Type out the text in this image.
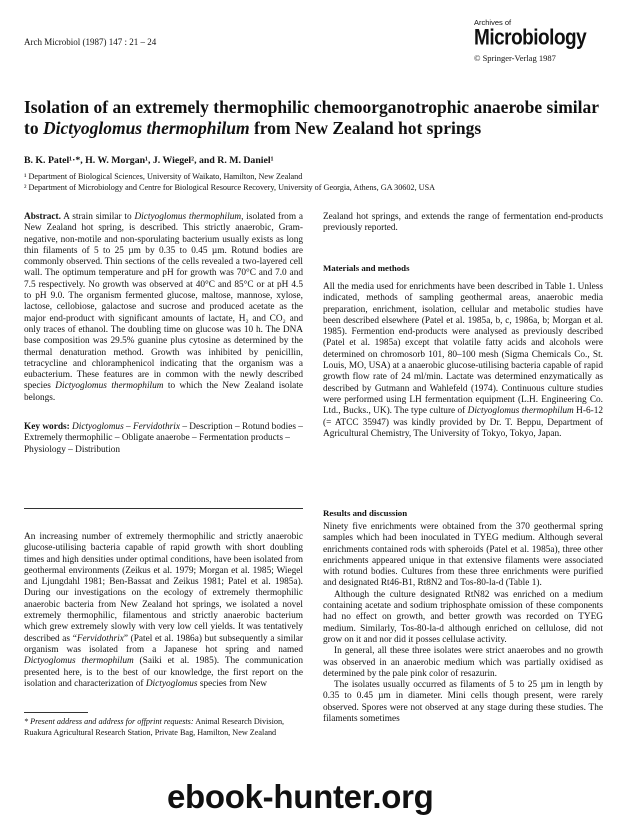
Arch Microbiol (1987) 147 : 21 – 24
Archives of
Microbiology
© Springer-Verlag 1987
Isolation of an extremely thermophilic chemoorganotrophic anaerobe similar to Dictyoglomus thermophilum from New Zealand hot springs
B. K. Patel¹·*, H. W. Morgan¹, J. Wiegel², and R. M. Daniel¹
¹ Department of Biological Sciences, University of Waikato, Hamilton, New Zealand
² Department of Microbiology and Centre for Biological Resource Recovery, University of Georgia, Athens, GA 30602, USA

Abstract. A strain similar to Dictyoglomus thermophilum, isolated from a New Zealand hot spring, is described. This strictly anaerobic, Gram-negative, non-motile and non-sporulating bacterium usually exists as long thin filaments of 5 to 25 µm by 0.35 to 0.45 µm. Rotund bodies are commonly observed. Thin sections of the cells revealed a two-layered cell wall. The optimum temperature and pH for growth was 70°C and 7.0 and 7.5 respectively. No growth was observed at 40°C and 85°C or at pH 4.5 to pH 9.0. The organism fermented glucose, maltose, mannose, xylose, lactose, cellobiose, galactose and sucrose and produced acetate as the major end-product with significant amounts of lactate, H₂ and CO₂ and only traces of ethanol. The doubling time on glucose was 10 h. The DNA base composition was 29.5% guanine plus cytosine as determined by the thermal denaturation method. Growth was inhibited by penicillin, tetracycline and chloramphenicol indicating that the organism was a eubacterium. These features are in common with the newly described species Dictyoglomus thermophilum to which the New Zealand isolate belongs.

Key words: Dictyoglomus – Fervidothrix – Description – Rotund bodies – Extremely thermophilic – Obligate anaerobe – Fermentation products – Physiology – Distribution

An increasing number of extremely thermophilic and strictly anaerobic glucose-utilising bacteria capable of rapid growth with short doubling times and high densities under optimal conditions, have been isolated from geothermal environments (Zeikus et al. 1979; Morgan et al. 1985; Wiegel and Ljungdahl 1981; Ben-Bassat and Zeikus 1981; Patel et al. 1985a). During our investigations on the ecology of extremely thermophilic anaerobic bacteria from New Zealand hot springs, we isolated a novel extremely thermophilic, filamentous and strictly anaerobic bacterium which grew extremely slowly with very low cell yields. It was tentatively described as “Fervidothrix” (Patel et al. 1986a) but subsequently a similar organism was isolated from a Japanese hot spring and named Dictyoglomus thermophilum (Saiki et al. 1985). The communication presented here, is to the best of our knowledge, the first report on the isolation and characterization of Dictyoglomus species from New

* Present address and address for offprint requests: Animal Research Division, Ruakura Agricultural Research Station, Private Bag, Hamilton, New Zealand

Zealand hot springs, and extends the range of fermentation end-products previously reported.

Materials and methods

All the media used for enrichments have been described in Table 1. Unless indicated, methods of sampling geothermal areas, anaerobic media preparation, enrichment, isolation, cellular and metabolic studies have been described elsewhere (Patel et al. 1985a, b, c, 1986a, b; Morgan et al. 1985). Fermention end-products were analysed as previously described (Patel et al. 1985a) except that volatile fatty acids and alcohols were determined on chromosorb 101, 80–100 mesh (Sigma Chemicals Co., St. Louis, MO, USA) at a anaerobic glucose-utilising bacteria capable of rapid growth flow rate of 24 ml/min. Lactate was determined enzymatically as described by Gutmann and Wahlefeld (1974). Continuous culture studies were performed using LH fermentation equipment (L.H. Engineering Co. Ltd., Bucks., UK). The type culture of Dictyoglomus thermophilum H-6-12 (= ATCC 35947) was kindly provided by Dr. T. Beppu, Department of Agricultural Chemistry, The University of Tokyo, Tokyo, Japan.

Results and discussion

Ninety five enrichments were obtained from the 370 geothermal spring samples which had been inoculated in TYEG medium. Although several enrichments contained rods with spheroids (Patel et al. 1985a), three other enrichments appeared unique in that extensive filaments were associated with rotund bodies. Cultures from these three enrichments were purified and designated Rt46-B1, Rt8N2 and Tos-80-la-d (Table 1).

Although the culture designated RtN82 was enriched on a medium containing acetate and sodium triphosphate omission of these components had no effect on growth, and better growth was recorded on TYEG medium. Similarly, Tos-80-la-d although enriched on cellulose, did not grow on it and nor did it posses cellulase activity.

In general, all these three isolates were strict anaerobes and no growth was observed in an anaerobic medium which was partially oxidised as determined by the pale pink color of resazurin.

The isolates usually occurred as filaments of 5 to 25 µm in length by 0.35 to 0.45 µm in diameter. Mini cells though present, were rarely observed. Spores were not observed at any stage during these studies. The filaments sometimes

ebook-hunter.org
